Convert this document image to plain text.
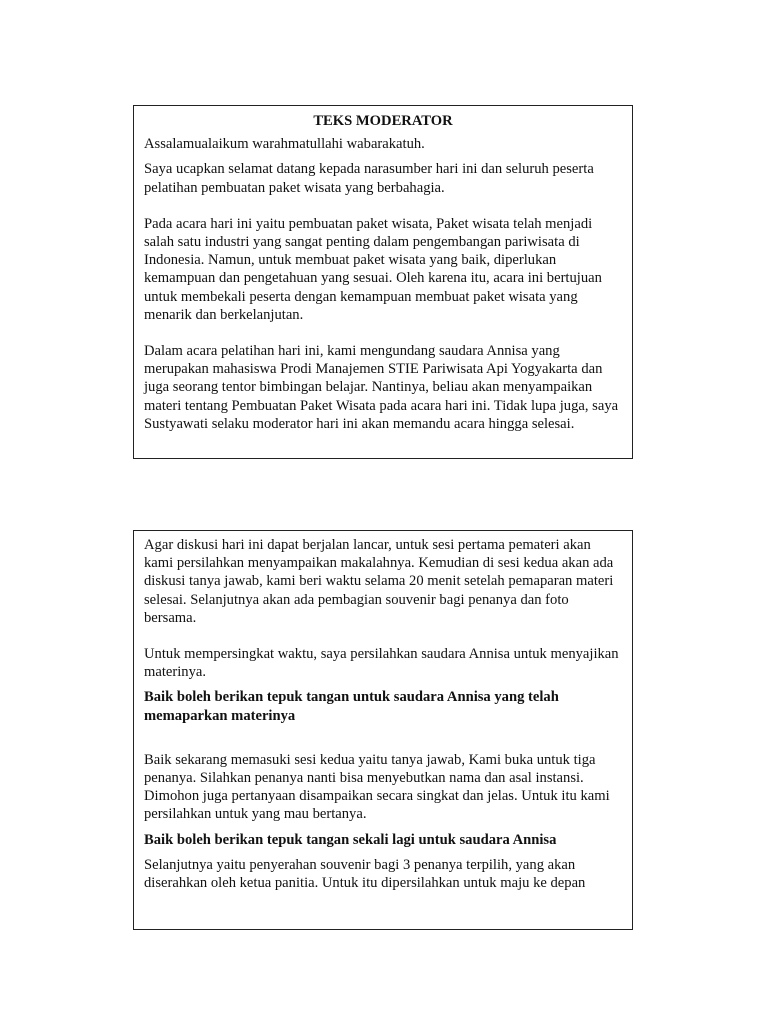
TEKS MODERATOR

Assalamualaikum warahmatullahi wabarakatuh.

Saya ucapkan selamat datang kepada narasumber hari ini dan seluruh peserta pelatihan pembuatan paket wisata yang berbahagia.

Pada acara hari ini yaitu pembuatan paket wisata, Paket wisata telah menjadi salah satu industri yang sangat penting dalam pengembangan pariwisata di Indonesia. Namun, untuk membuat paket wisata yang baik, diperlukan kemampuan dan pengetahuan yang sesuai. Oleh karena itu, acara ini bertujuan untuk membekali peserta dengan kemampuan membuat paket wisata yang menarik dan berkelanjutan.

Dalam acara pelatihan hari ini, kami mengundang saudara Annisa yang merupakan mahasiswa Prodi Manajemen STIE Pariwisata Api Yogyakarta dan juga seorang tentor bimbingan belajar. Nantinya, beliau akan menyampaikan materi tentang Pembuatan Paket Wisata pada acara hari ini. Tidak lupa juga, saya Sustyawati selaku moderator hari ini akan memandu acara hingga selesai.

Agar diskusi hari ini dapat berjalan lancar, untuk sesi pertama pemateri akan kami persilahkan menyampaikan makalahnya. Kemudian di sesi kedua akan ada diskusi tanya jawab, kami beri waktu selama 20 menit setelah pemaparan materi selesai. Selanjutnya akan ada pembagian souvenir bagi penanya dan foto bersama.

Untuk mempersingkat waktu, saya persilahkan saudara Annisa untuk menyajikan materinya.

Baik boleh berikan tepuk tangan untuk saudara Annisa yang telah memaparkan materinya

Baik sekarang memasuki sesi kedua yaitu tanya jawab, Kami buka untuk tiga penanya. Silahkan penanya nanti bisa menyebutkan nama dan asal instansi. Dimohon juga pertanyaan disampaikan secara singkat dan jelas. Untuk itu kami persilahkan untuk yang mau bertanya.

Baik boleh berikan tepuk tangan sekali lagi untuk saudara Annisa

Selanjutnya yaitu penyerahan souvenir bagi 3 penanya terpilih, yang akan diserahkan oleh ketua panitia. Untuk itu dipersilahkan untuk maju ke depan
